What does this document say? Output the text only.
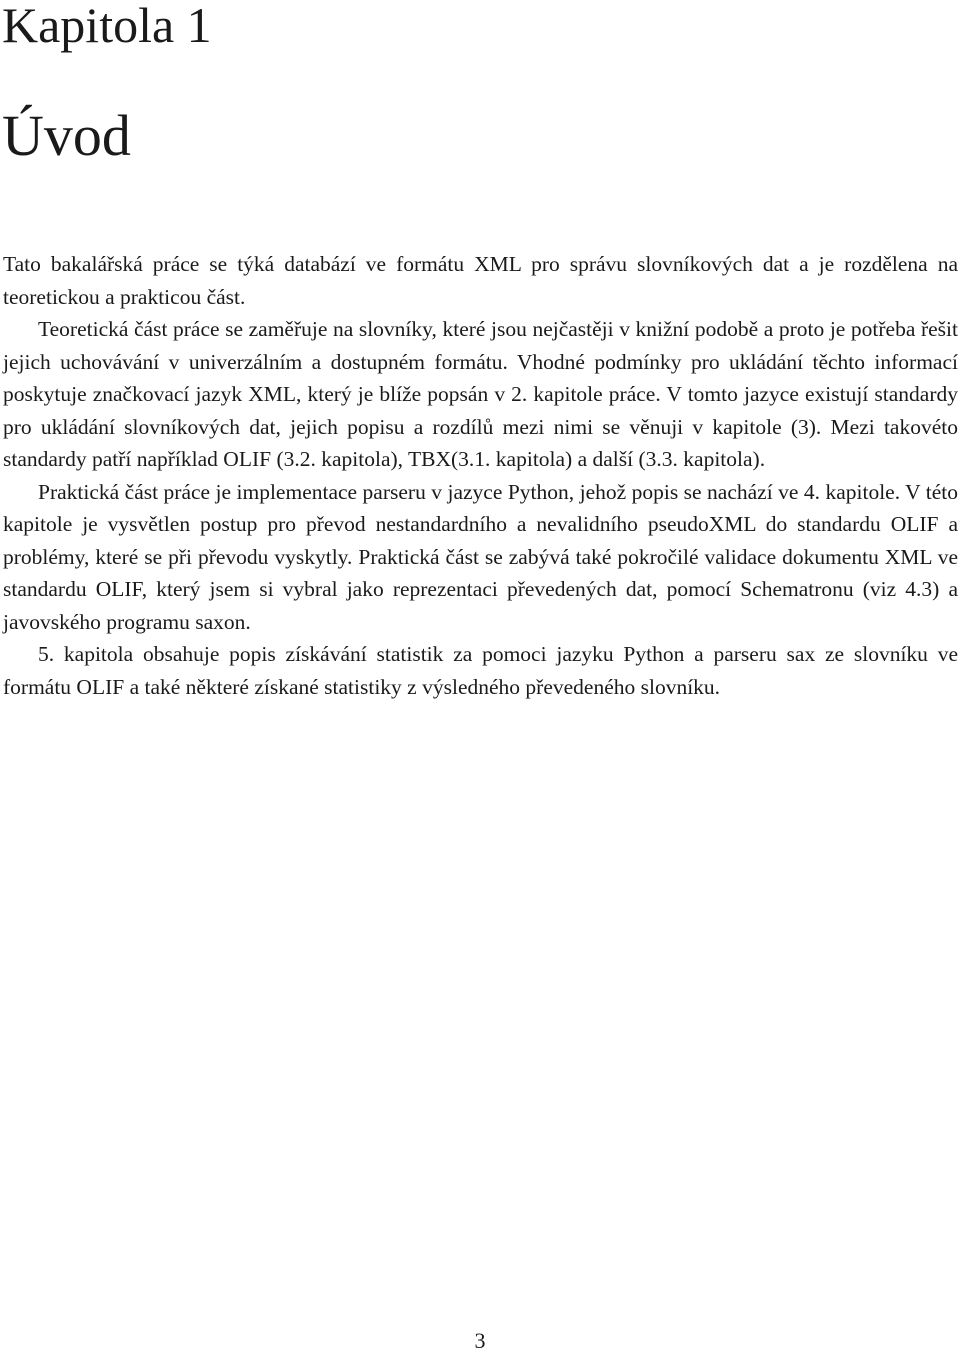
Kapitola 1
Úvod

Tato bakalářská práce se týká databází ve formátu XML pro správu slovníkových dat a je rozdělena na teoretickou a prakticou část.

Teoretická část práce se zaměřuje na slovníky, které jsou nejčastěji v knižní podobě a proto je potřeba řešit jejich uchovávání v univerzálním a dostupném formátu. Vhodné podmínky pro ukládání těchto informací poskytuje značkovací jazyk XML, který je blíže popsán v 2. kapitole práce. V tomto jazyce existují standardy pro ukládání slovníkových dat, jejich popisu a rozdílů mezi nimi se věnuji v kapitole (3). Mezi takovéto standardy patří například OLIF (3.2. kapitola), TBX(3.1. kapitola) a další (3.3. kapitola).

Praktická část práce je implementace parseru v jazyce Python, jehož popis se nachází ve 4. kapitole. V této kapitole je vysvětlen postup pro převod nestandardního a nevalidního pseudoXML do standardu OLIF a problémy, které se při převodu vyskytly. Praktická část se zabývá také pokročilé validace dokumentu XML ve standardu OLIF, který jsem si vybral jako reprezentaci převedených dat, pomocí Schematronu (viz 4.3) a javovského programu saxon.

5. kapitola obsahuje popis získávání statistik za pomoci jazyku Python a parseru sax ze slovníku ve formátu OLIF a také některé získané statistiky z výsledného převedeného slovníku.

3
